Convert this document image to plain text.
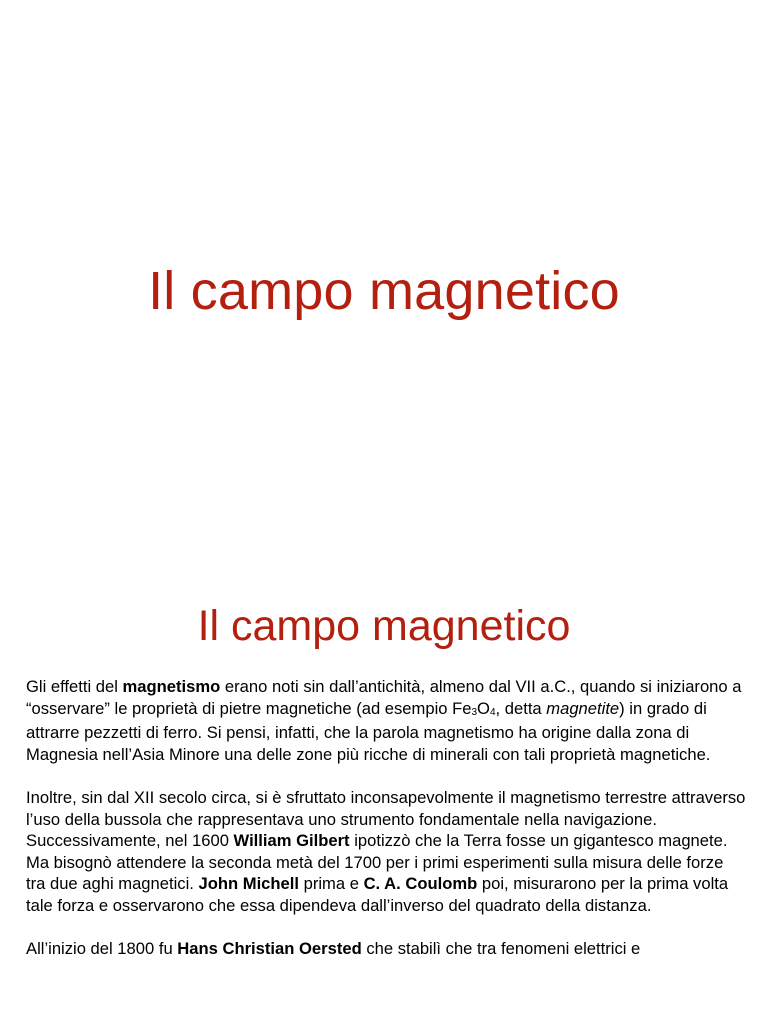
Il campo magnetico
Il campo magnetico

Gli effetti del magnetismo erano noti sin dall’antichità, almeno dal VII a.C., quando si iniziarono a “osservare” le proprietà di pietre magnetiche (ad esempio $Fe_3O_4$, detta magnetite) in grado di attrarre pezzetti di ferro. Si pensi, infatti, che la parola magnetismo ha origine dalla zona di Magnesia nell’Asia Minore una delle zone più ricche di minerali con tali proprietà magnetiche.

Inoltre, sin dal XII secolo circa, si è sfruttato inconsapevolmente il magnetismo terrestre attraverso l’uso della bussola che rappresentava uno strumento fondamentale nella navigazione.

Successivamente, nel 1600 William Gilbert ipotizzò che la Terra fosse un gigantesco magnete. Ma bisognò attendere la seconda metà del 1700 per i primi esperimenti sulla misura delle forze tra due aghi magnetici. John Michell prima e C. A. Coulomb poi, misurarono per la prima volta tale forza e osservarono che essa dipendeva dall’inverso del quadrato della distanza.

All’inizio del 1800 fu Hans Christian Oersted che stabilì che tra fenomeni elettrici e
